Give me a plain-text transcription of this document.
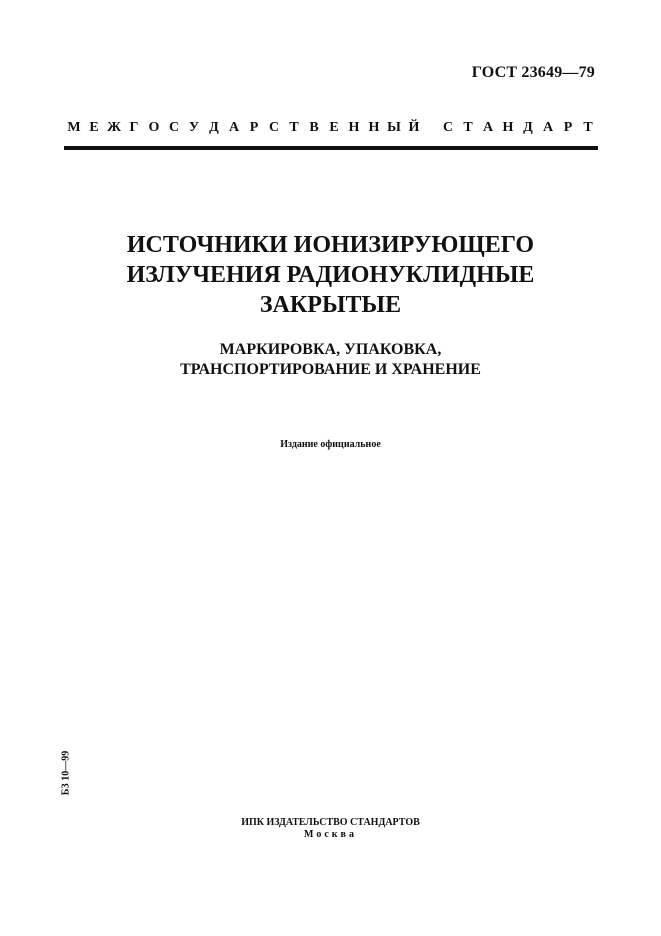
ГОСТ 23649—79
М Е Ж Г О С У Д А Р С Т В Е Н Н Ы Й	С Т А Н Д А Р Т
ИСТОЧНИКИ ИОНИЗИРУЮЩЕГО
ИЗЛУЧЕНИЯ РАДИОНУКЛИДНЫЕ
ЗАКРЫТЫЕ
МАРКИРОВКА, УПАКОВКА,
ТРАНСПОРТИРОВАНИЕ И ХРАНЕНИЕ
Издание официальное
БЗ 10—99
ИПК ИЗДАТЕЛЬСТВО СТАНДАРТОВ
Москва
